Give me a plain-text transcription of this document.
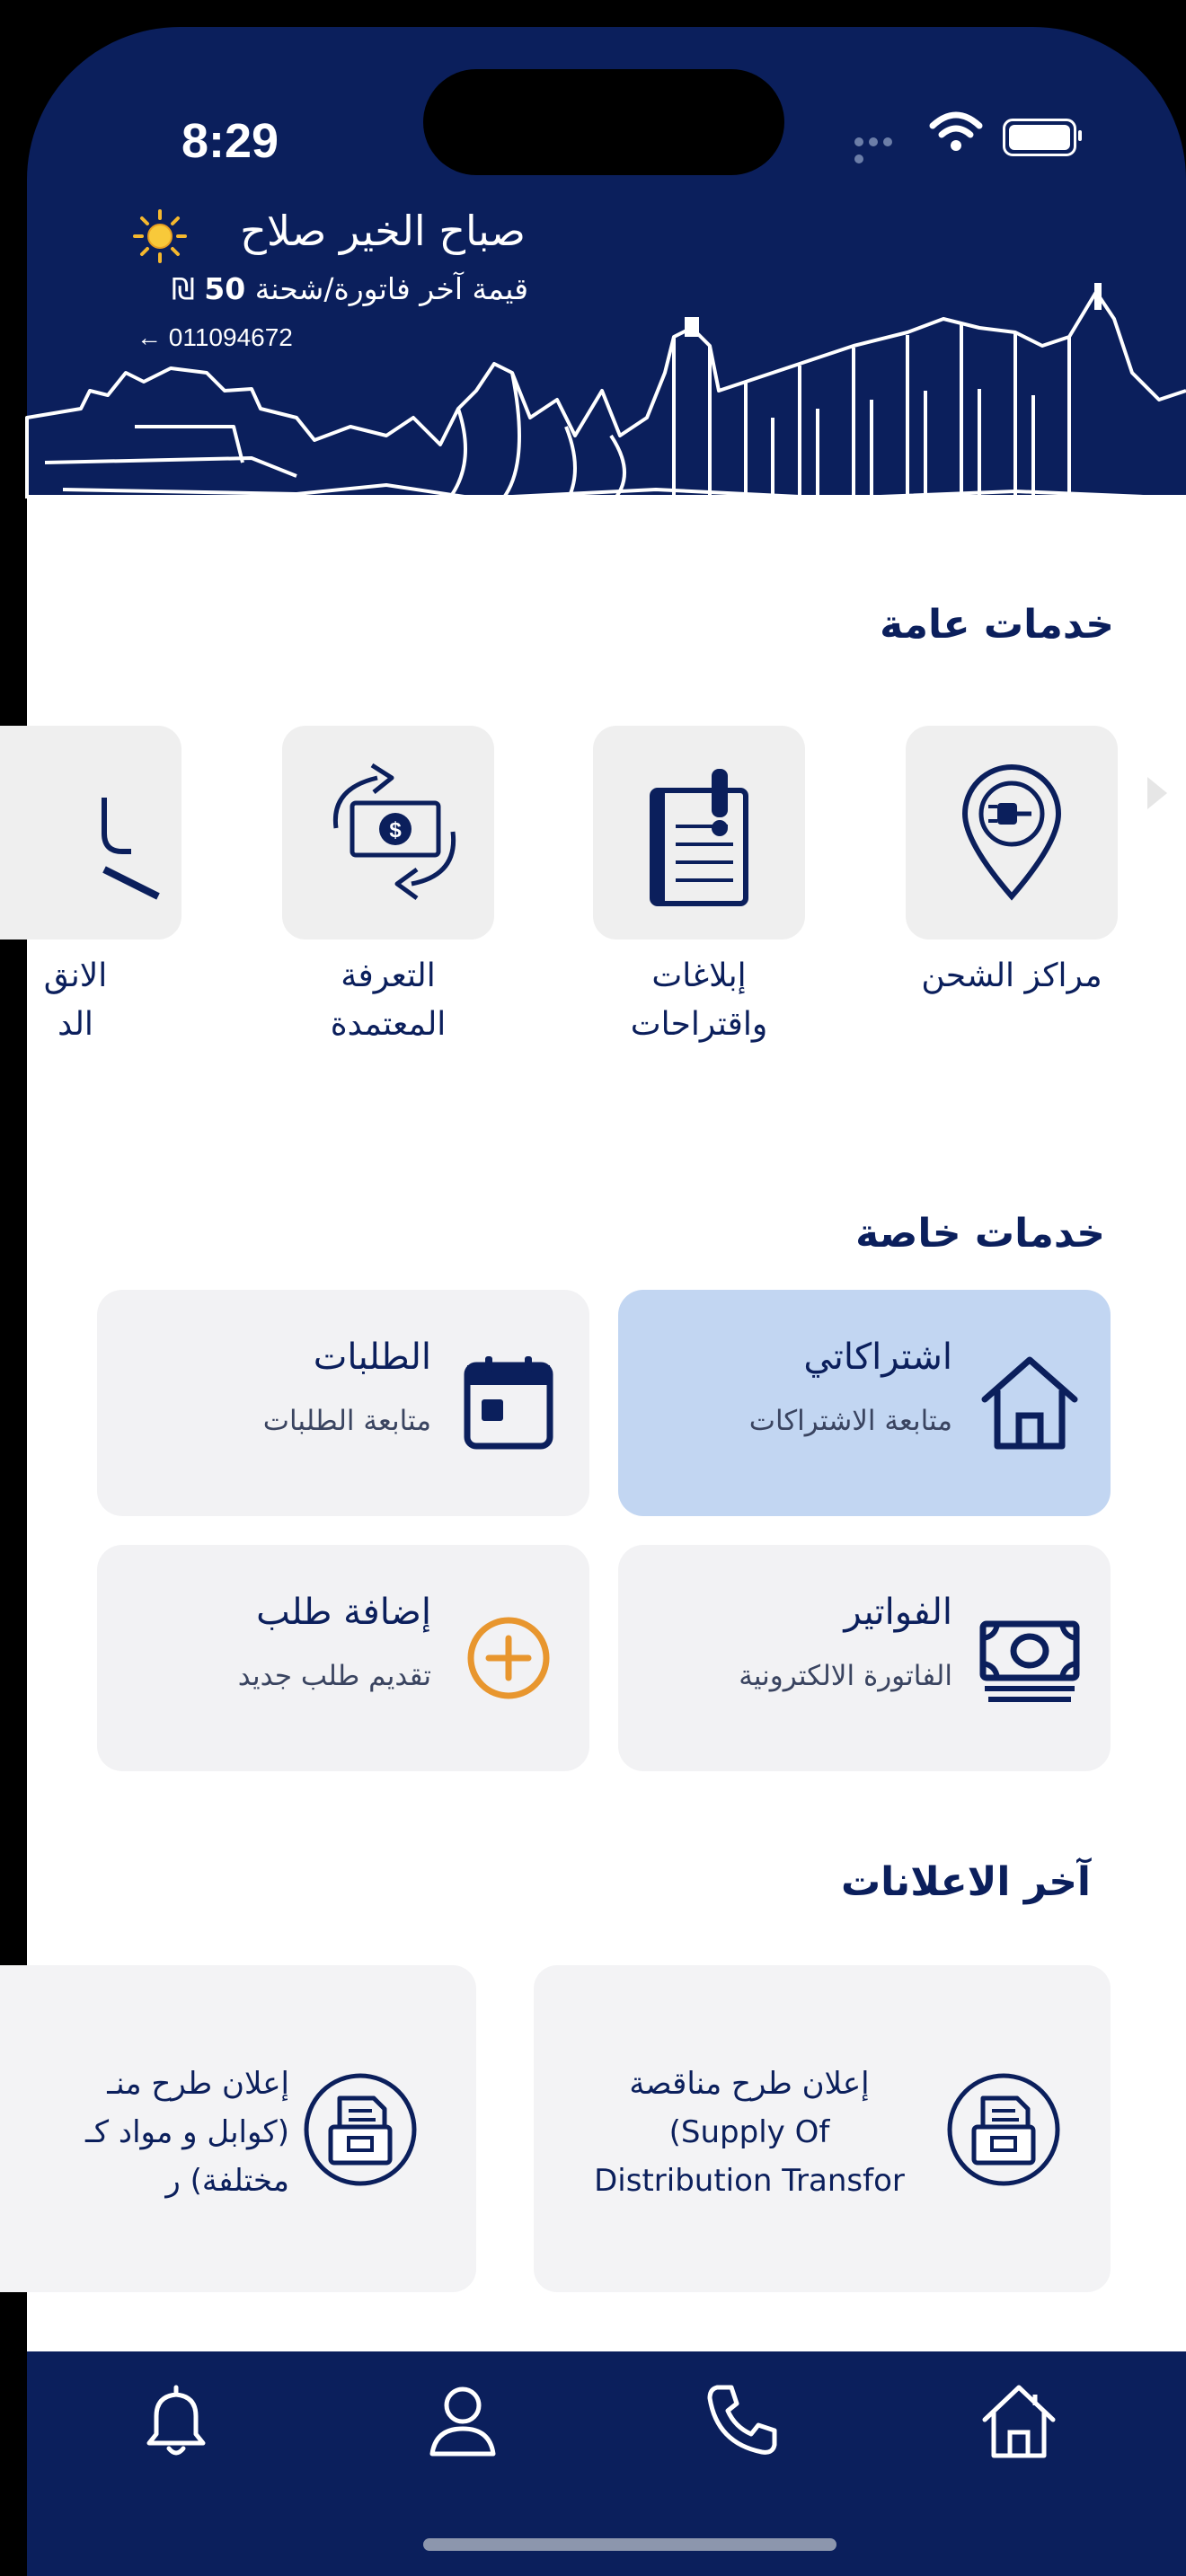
8:29
صباح الخير صلاح
قيمة آخر فاتورة/شحنة 50 ₪
← 011094672
خدمات عامة
مراكز الشحن
إبلاغات
واقتراحات
$
التعرفة
المعتمدة
الانق
الد
خدمات خاصة
اشتراكاتي
متابعة الاشتراكات
الطلبات
متابعة الطلبات
الفواتير
الفاتورة الالكترونية
إضافة طلب
تقديم طلب جديد
آخر الاعلانات
إعلان طرح مناقصة
Supply Of)
Distribution Transfor
إعلان طرح منـ
(كوابل و مواد كـ
مختلفة) ر
